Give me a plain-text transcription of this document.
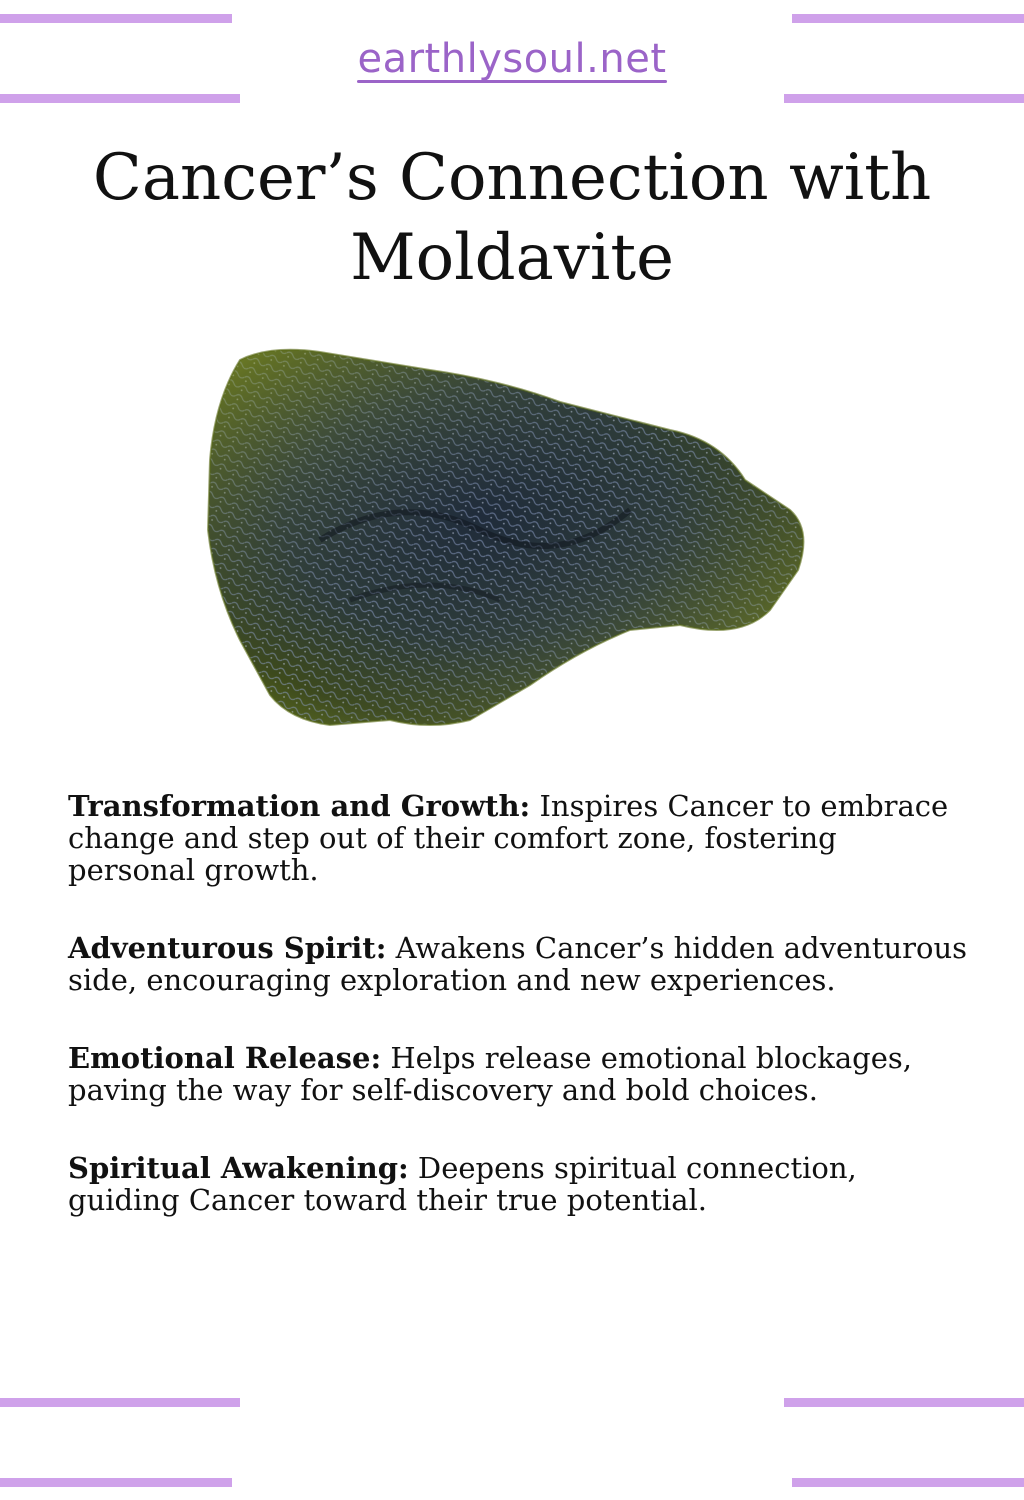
earthlysoul.net
Cancer’s Connection with
Moldavite

Transformation and Growth: Inspires Cancer to embrace change and step out of their comfort zone, fostering personal growth.

Adventurous Spirit: Awakens Cancer’s hidden adventurous side, encouraging exploration and new experiences.

Emotional Release: Helps release emotional blockages, paving the way for self-discovery and bold choices.

Spiritual Awakening: Deepens spiritual connection, guiding Cancer toward their true potential.
